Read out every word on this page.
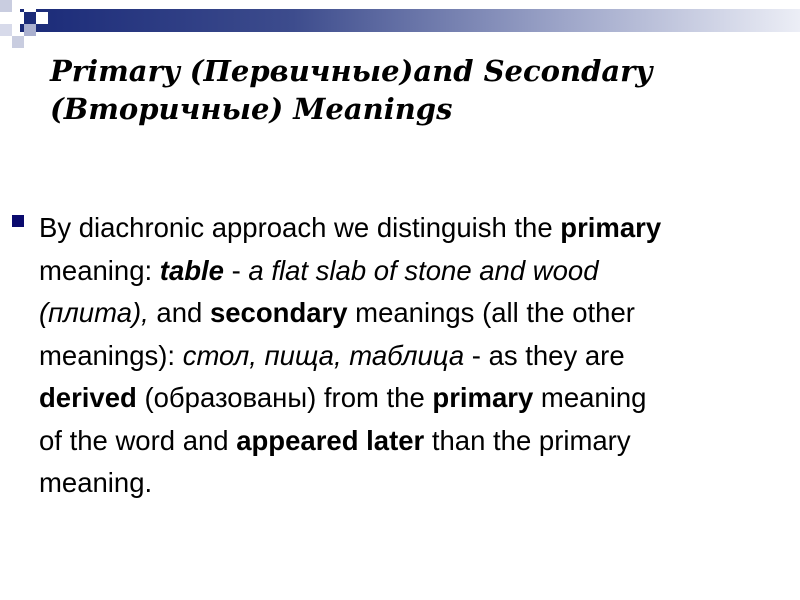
Primary (Первичные)and Secondary
(Вторичные) Meanings
By diachronic approach we distinguish the primary
meaning: table - a flat slab of stone and wood
(плита), and secondary meanings (all the other
meanings): стол, пища, таблица - as they are
derived (образованы) from the primary meaning
of the word and appeared later than the primary
meaning.
